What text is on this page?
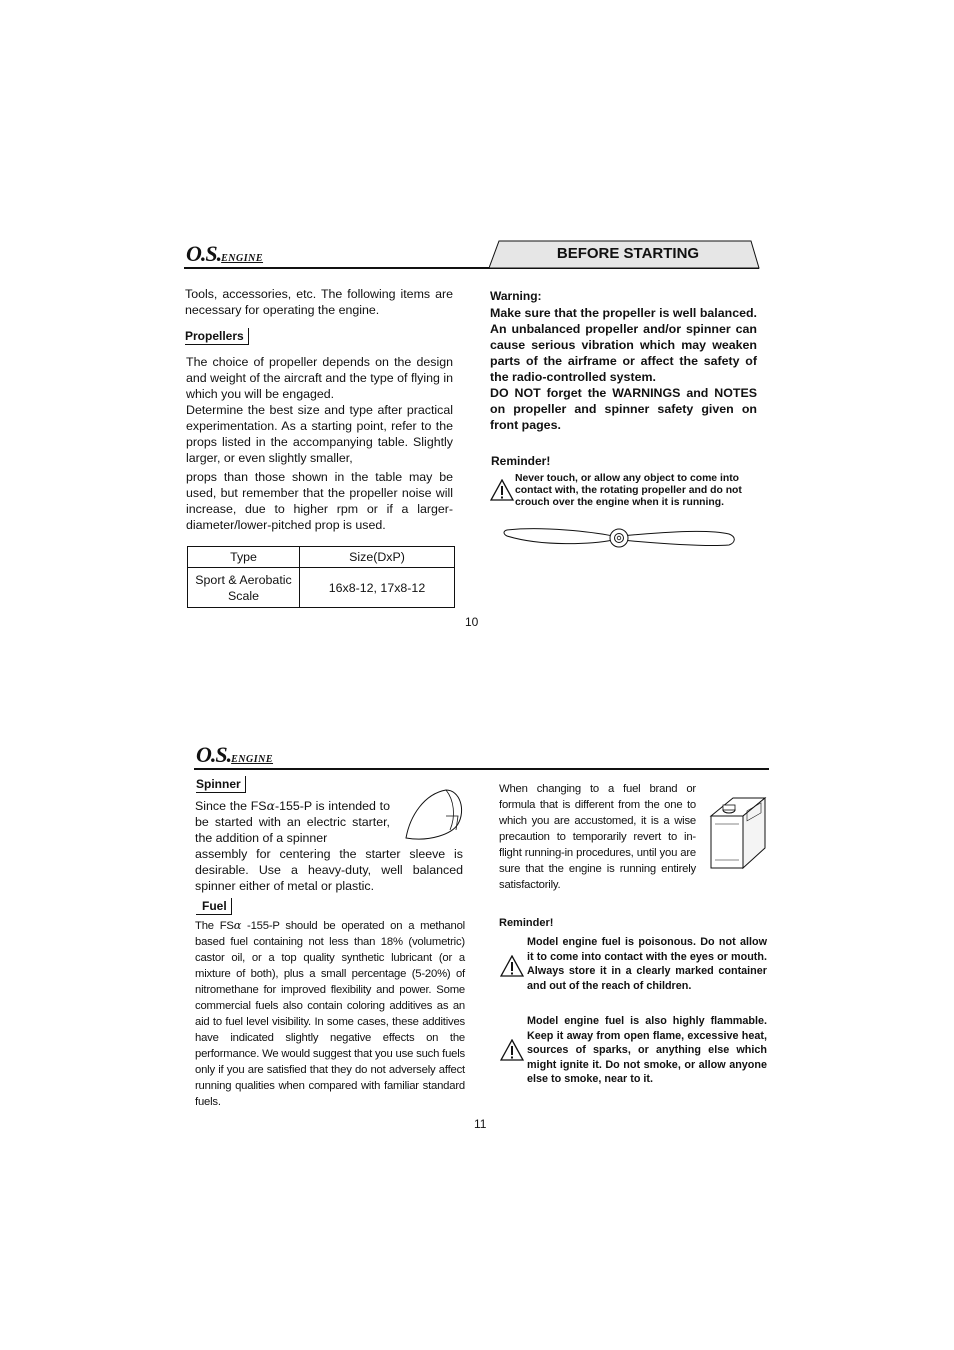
O.S.ENGINE	BEFORE STARTING
Tools, accessories, etc. The following items are necessary for operating the engine.
Propellers
The choice of propeller depends on the design and weight of the aircraft and the type of flying in which you will be engaged.
Determine the best size and type after practical experimentation. As a starting point, refer to the props listed in the accompanying table. Slightly larger, or even slightly smaller,
props than those shown in the table may be used, but remember that the propeller noise will increase, due to higher rpm or if a larger-diameter/lower-pitched prop is used.
Type	Size(DxP)
Sport & Aerobatic Scale	16x8-12, 17x8-12
Warning:
Make sure that the propeller is well balanced. An unbalanced propeller and/or spinner can cause serious vibration which may weaken parts of the airframe or affect the safety of the radio-controlled system.
DO NOT forget the WARNINGS and NOTES on propeller and spinner safety given on front pages.
Reminder!
Never touch, or allow any object to come into contact with, the rotating propeller and do not crouch over the engine when it is running.
10
O.S.ENGINE
Spinner
Since the FSα-155-P is intended to be started with an electric starter, the addition of a spinner
assembly for centering the starter sleeve is desirable. Use a heavy-duty, well balanced spinner either of metal or plastic.
Fuel
The FSα -155-P should be operated on a methanol based fuel containing not less than 18% (volumetric) castor oil, or a top quality synthetic lubricant (or a mixture of both), plus a small percentage (5-20%) of nitromethane for improved flexibility and power. Some commercial fuels also contain coloring additives as an aid to fuel level visibility. In some cases, these additives have indicated slightly negative effects on the performance. We would suggest that you use such fuels only if you are satisfied that they do not adversely affect running qualities when compared with familiar standard fuels.
When changing to a fuel brand or formula that is different from the one to which you are accustomed, it is a wise precaution to temporarily revert to in-flight running-in procedures, until you are sure that the engine is running entirely satisfactorily.
Reminder!
Model engine fuel is poisonous. Do not allow it to come into contact with the eyes or mouth. Always store it in a clearly marked container and out of the reach of children.
Model engine fuel is also highly flammable. Keep it away from open flame, excessive heat, sources of sparks, or anything else which might ignite it. Do not smoke, or allow anyone else to smoke, near to it.
11
